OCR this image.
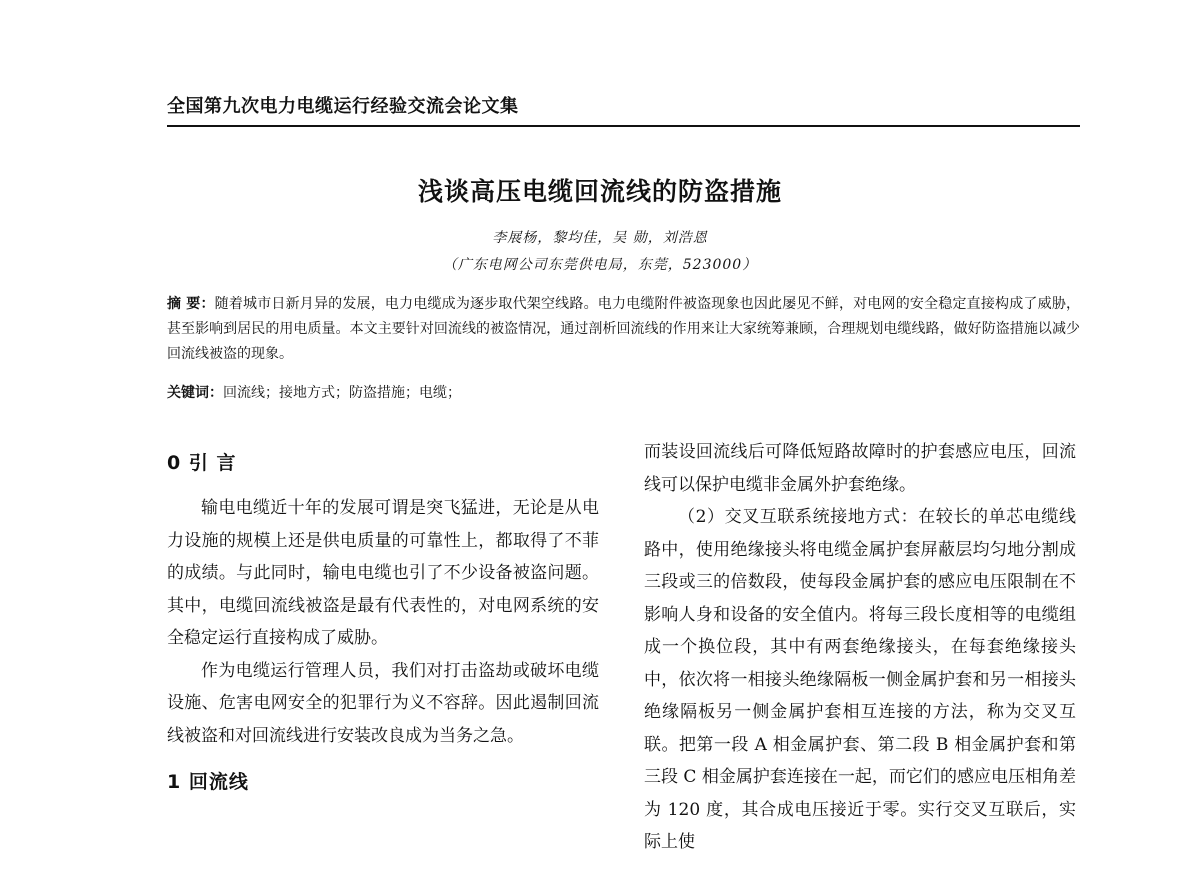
全国第九次电力电缆运行经验交流会论文集
浅谈高压电缆回流线的防盗措施
李展杨，黎均佳，吴 勋，刘浩恩
（广东电网公司东莞供电局，东莞，523000）
摘 要：随着城市日新月异的发展，电力电缆成为逐步取代架空线路。电力电缆附件被盗现象也因此屡见不鲜，对电网的安全稳定直接构成了威胁，甚至影响到居民的用电质量。本文主要针对回流线的被盗情况，通过剖析回流线的作用来让大家统筹兼顾，合理规划电缆线路，做好防盗措施以减少回流线被盗的现象。
关键词：回流线；接地方式；防盗措施；电缆；
0 引 言

输电电缆近十年的发展可谓是突飞猛进，无论是从电力设施的规模上还是供电质量的可靠性上，都取得了不菲的成绩。与此同时，输电电缆也引了不少设备被盗问题。其中，电缆回流线被盗是最有代表性的，对电网系统的安全稳定运行直接构成了威胁。

作为电缆运行管理人员，我们对打击盗劫或破坏电缆设施、危害电网安全的犯罪行为义不容辞。因此遏制回流线被盗和对回流线进行安装改良成为当务之急。

1 回流线

而装设回流线后可降低短路故障时的护套感应电压，回流线可以保护电缆非金属外护套绝缘。

（2）交叉互联系统接地方式：在较长的单芯电缆线路中，使用绝缘接头将电缆金属护套屏蔽层均匀地分割成三段或三的倍数段，使每段金属护套的感应电压限制在不影响人身和设备的安全值内。将每三段长度相等的电缆组成一个换位段，其中有两套绝缘接头，在每套绝缘接头中，依次将一相接头绝缘隔板一侧金属护套和另一相接头绝缘隔板另一侧金属护套相互连接的方法，称为交叉互联。把第一段 A 相金属护套、第二段 B 相金属护套和第三段 C 相金属护套连接在一起，而它们的感应电压相角差为 120 度，其合成电压接近于零。实行交叉互联后，实际上使
